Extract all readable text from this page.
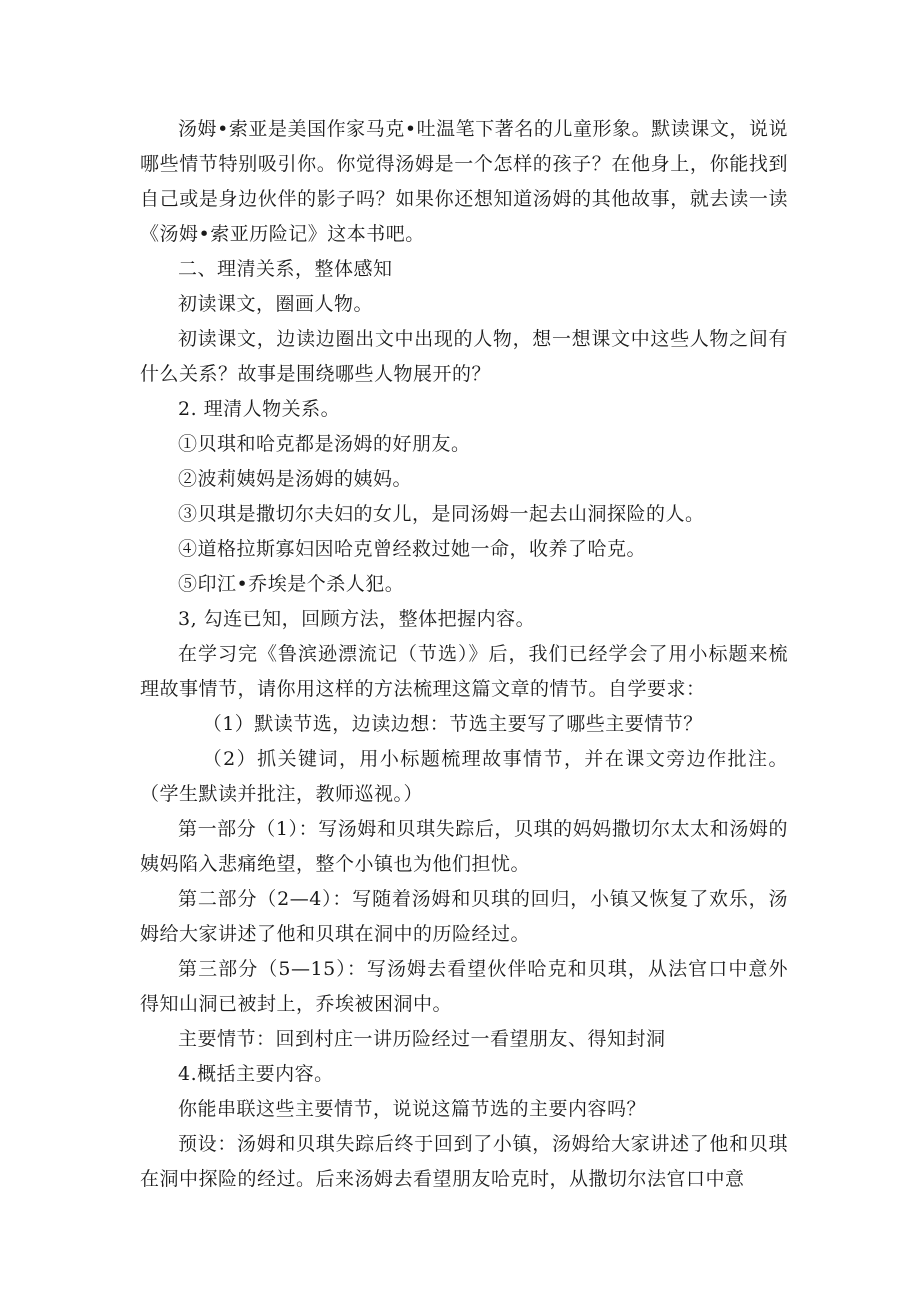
汤姆•索亚是美国作家马克•吐温笔下著名的儿童形象。默读课文，说说哪些情节特别吸引你。你觉得汤姆是一个怎样的孩子？在他身上，你能找到自己或是身边伙伴的影子吗？如果你还想知道汤姆的其他故事，就去读一读《汤姆•索亚历险记》这本书吧。

二、理清关系，整体感知

初读课文，圈画人物。

初读课文，边读边圈出文中出现的人物，想一想课文中这些人物之间有什么关系？故事是围绕哪些人物展开的？

2. 理清人物关系。

①贝琪和哈克都是汤姆的好朋友。

②波莉姨妈是汤姆的姨妈。

③贝琪是撒切尔夫妇的女儿，是同汤姆一起去山洞探险的人。

④道格拉斯寡妇因哈克曾经救过她一命，收养了哈克。

⑤印江•乔埃是个杀人犯。

3, 勾连已知，回顾方法，整体把握内容。

在学习完《鲁滨逊漂流记（节选）》后，我们已经学会了用小标题来梳理故事情节，请你用这样的方法梳理这篇文章的情节。自学要求：

（1）默读节选，边读边想：节选主要写了哪些主要情节？

（2）抓关键词，用小标题梳理故事情节，并在课文旁边作批注。（学生默读并批注，教师巡视。）

第一部分（1）：写汤姆和贝琪失踪后，贝琪的妈妈撒切尔太太和汤姆的姨妈陷入悲痛绝望，整个小镇也为他们担忧。

第二部分（2—4）：写随着汤姆和贝琪的回归，小镇又恢复了欢乐，汤姆给大家讲述了他和贝琪在洞中的历险经过。

第三部分（5—15）：写汤姆去看望伙伴哈克和贝琪，从法官口中意外得知山洞已被封上，乔埃被困洞中。

主要情节：回到村庄一讲历险经过一看望朋友、得知封洞

4.概括主要内容。

你能串联这些主要情节，说说这篇节选的主要内容吗？

预设：汤姆和贝琪失踪后终于回到了小镇，汤姆给大家讲述了他和贝琪在洞中探险的经过。后来汤姆去看望朋友哈克时，从撒切尔法官口中意
